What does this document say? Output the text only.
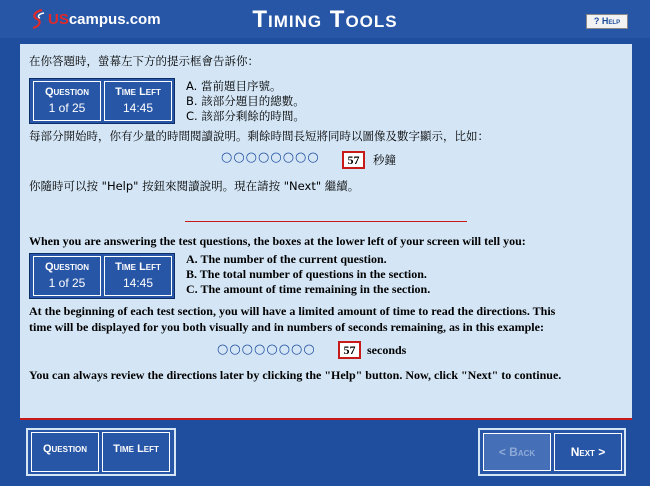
UScampus.com	Timing Tools	? Help
在你答題時，螢幕左下方的提示框會告訴你：
Question
1 of 25
Time Left
14:45
A. 當前題目序號。
B. 該部分題目的總數。
C. 該部分剩餘的時間。
每部分開始時，你有少量的時間閱讀說明。剩餘時間長短將同時以圖像及數字顯示，比如：
○○○○○○○○	57	秒鐘
你隨時可以按 "Help" 按鈕來閱讀說明。現在請按 "Next" 繼續。
When you are answering the test questions, the boxes at the lower left of your screen will tell you:
Question
1 of 25
Time Left
14:45
A. The number of the current question.
B. The total number of questions in the section.
C. The amount of time remaining in the section.
At the beginning of each test section, you will have a limited amount of time to read the directions. This
time will be displayed for you both visually and in numbers of seconds remaining, as in this example:
○○○○○○○○	57 seconds
You can always review the directions later by clicking the "Help" button. Now, click "Next" to continue.
Question	Time Left	< Back	Next >
